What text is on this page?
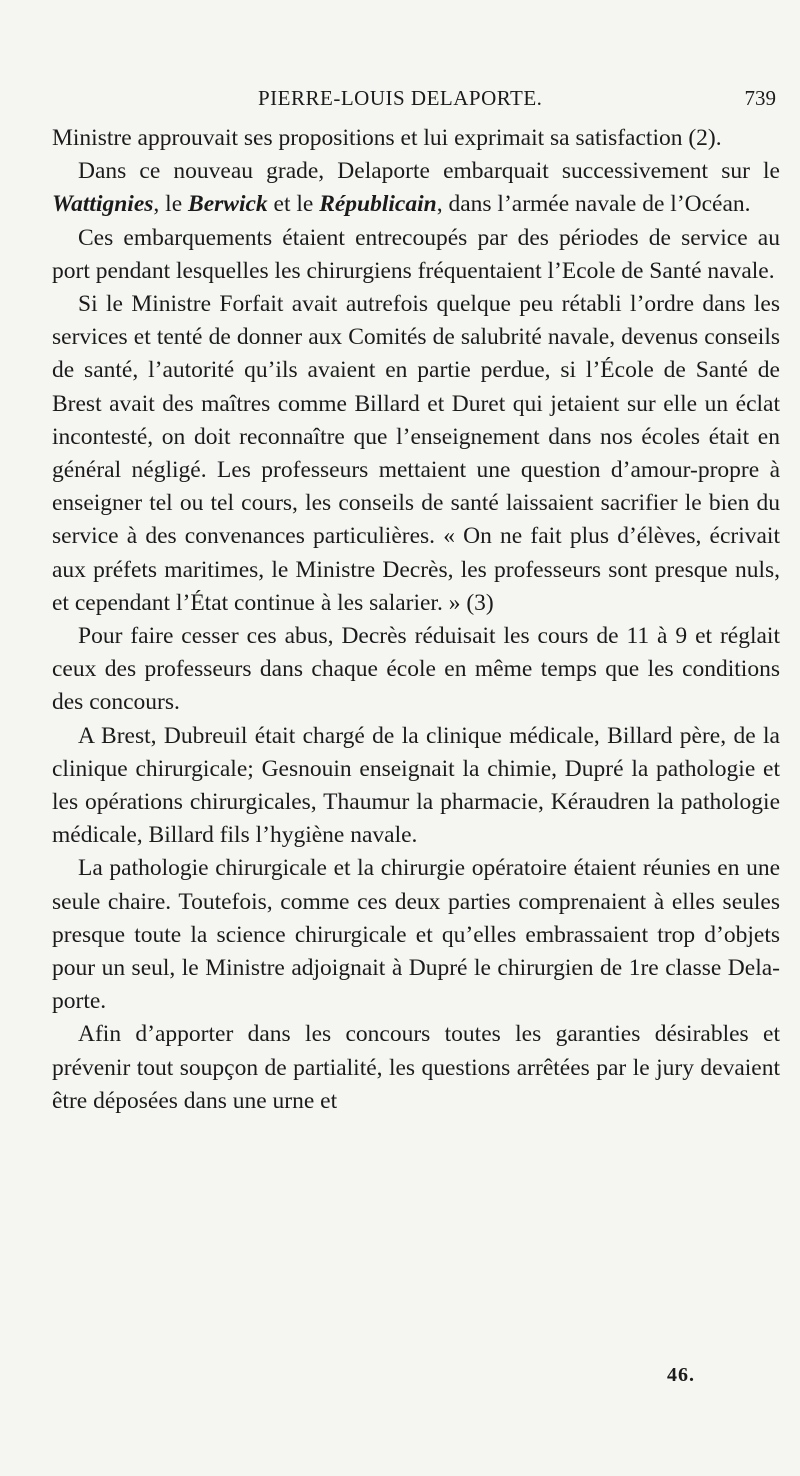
PIERRE-LOUIS DELAPORTE.	739

Ministre approuvait ses propositions et lui exprimait sa satisfaction (2).

Dans ce nouveau grade, Delaporte embarquait successivement sur le Wattignies, le Berwick et le Républicain, dans l’armée navale de l’Océan.

Ces embarquements étaient entrecoupés par des périodes de service au port pendant lesquelles les chirurgiens fréquentaient l’Ecole de Santé navale.

Si le Ministre Forfait avait autrefois quelque peu rétabli l’ordre dans les services et tenté de donner aux Comités de salubrité navale, devenus conseils de santé, l’autorité qu’ils avaient en partie perdue, si l’École de Santé de Brest avait des maîtres comme Billard et Duret qui jetaient sur elle un éclat incontesté, on doit reconnaître que l’enseignement dans nos écoles était en général négligé. Les professeurs mettaient une question d’amour-propre à enseigner tel ou tel cours, les conseils de santé laissaient sacrifier le bien du service à des convenances particulières. « On ne fait plus d’élèves, écrivait aux préfets maritimes, le Ministre Decrès, les professeurs sont presque nuls, et cependant l’État continue à les salarier. » (3)

Pour faire cesser ces abus, Decrès réduisait les cours de 11 à 9 et réglait ceux des professeurs dans chaque école en même temps que les conditions des concours.

A Brest, Dubreuil était chargé de la clinique médicale, Billard père, de la clinique chirurgicale; Gesnouin enseignait la chimie, Dupré la pathologie et les opérations chirurgicales, Thaumur la pharmacie, Kéraudren la pathologie médicale, Billard fils l’hygiène navale.

La pathologie chirurgicale et la chirurgie opératoire étaient réunies en une seule chaire. Toutefois, comme ces deux parties comprenaient à elles seules presque toute la science chirurgicale et qu’elles embrassaient trop d’objets pour un seul, le Ministre adjoignait à Dupré le chirurgien de 1re classe Delaporte.

Afin d’apporter dans les concours toutes les garanties désirables et prévenir tout soupçon de partialité, les questions arrêtées par le jury devaient être déposées dans une urne et

46.
